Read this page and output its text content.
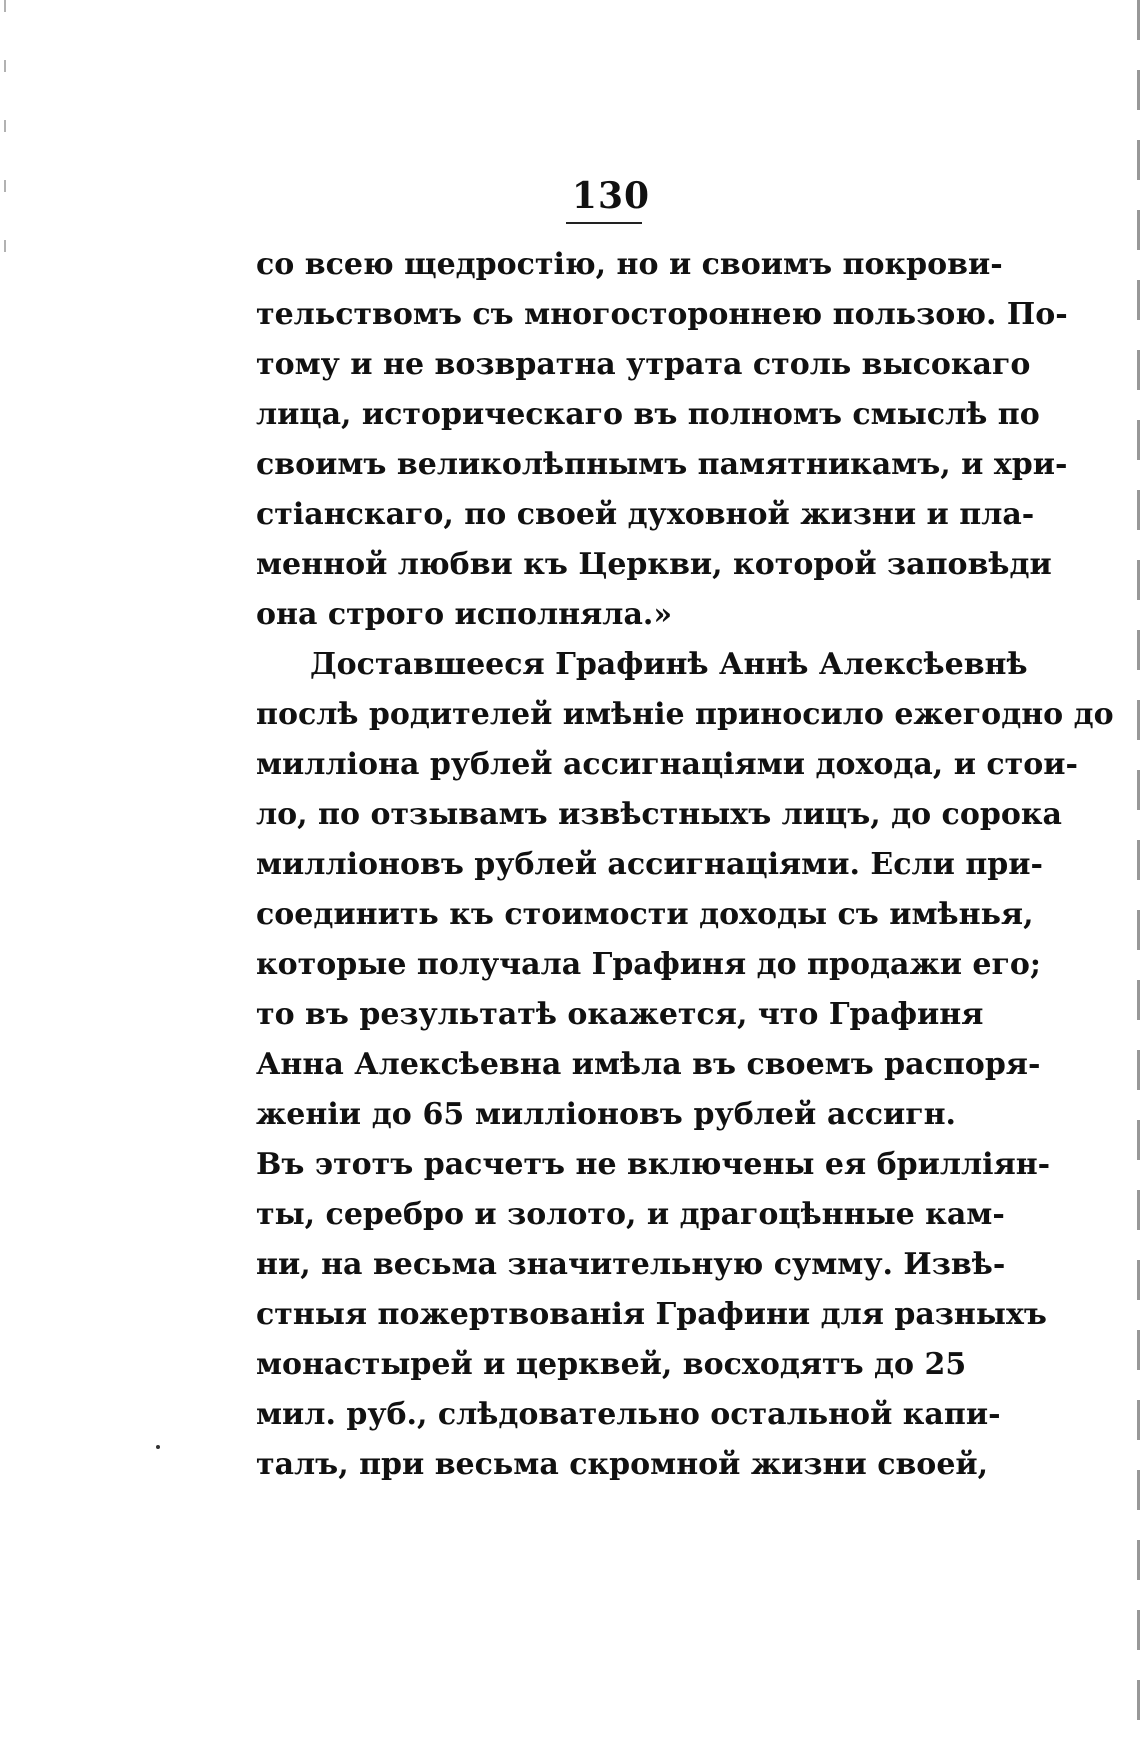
130
со всею щедростію, но и своимъ покрови-
тельствомъ съ многостороннею пользою. По-
тому и не возвратна утрата столь высокаго
лица, историческаго въ полномъ смыслѣ по
своимъ великолѣпнымъ памятникамъ, и хри-
стіанскаго, по своей духовной жизни и пла-
менной любви къ Церкви, которой заповѣди
она строго исполняла.»
Доставшееся Графинѣ Аннѣ Алексѣевнѣ
послѣ родителей имѣніе приносило ежегодно до
милліона рублей ассигнаціями дохода, и стои-
ло, по отзывамъ извѣстныхъ лицъ, до сорока
милліоновъ рублей ассигнаціями. Если при-
соединить къ стоимости доходы съ имѣнья,
которые получала Графиня до продажи его;
то въ результатѣ окажется, что Графиня
Анна Алексѣевна имѣла въ своемъ распоря-
женіи до 65 милліоновъ рублей ассигн.
Въ этотъ расчетъ не включены ея брилліян-
ты, серебро и золото, и драгоцѣнные кам-
ни, на весьма значительную сумму. Извѣ-
стныя пожертвованія Графини для разныхъ
монастырей и церквей, восходятъ до 25
мил. руб., слѣдовательно остальной капи-
талъ, при весьма скромной жизни своей,
